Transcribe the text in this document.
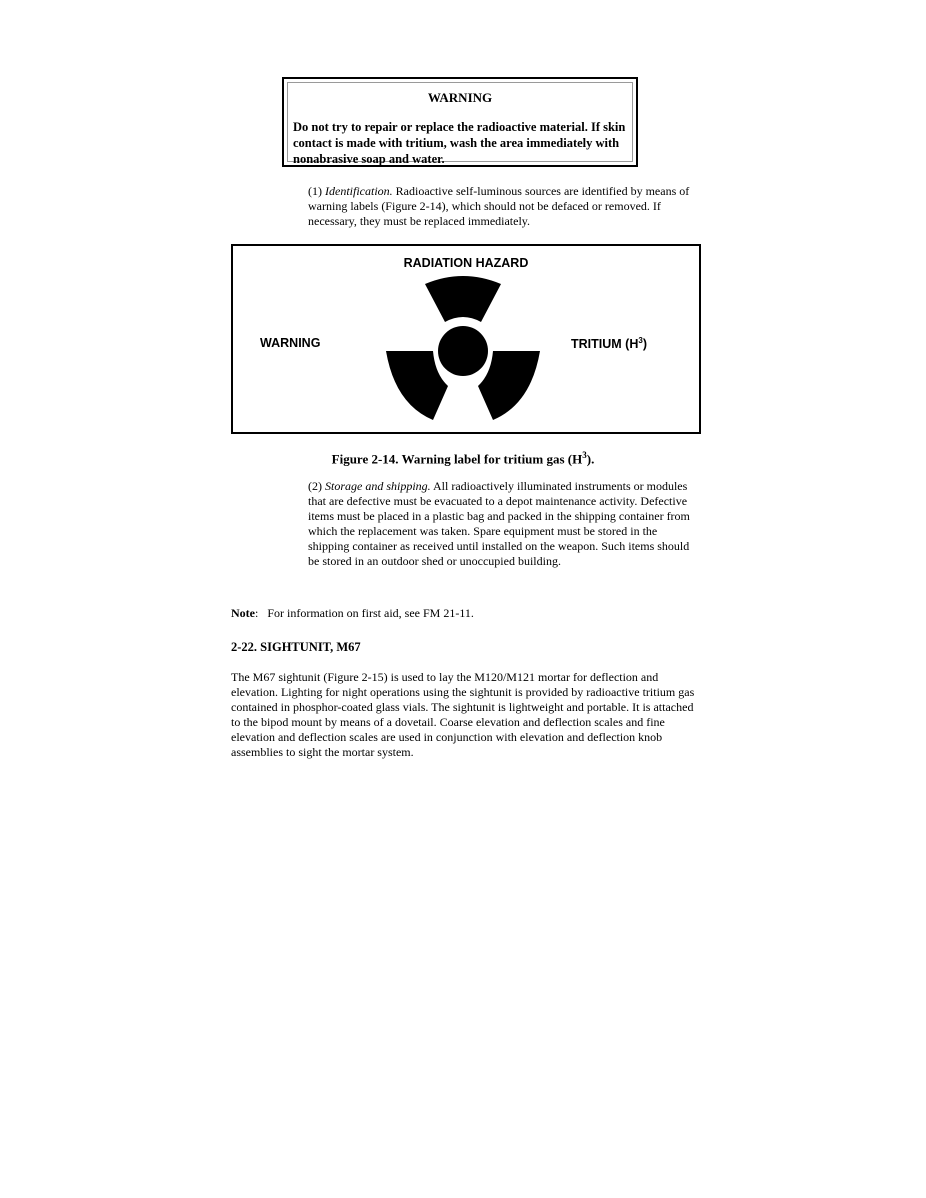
WARNING
Do not try to repair or replace the radioactive material. If skin contact is made with tritium, wash the area immediately with nonabrasive soap and water.
(1) Identification. Radioactive self-luminous sources are identified by means of warning labels (Figure 2-14), which should not be defaced or removed. If necessary, they must be replaced immediately.
RADIATION HAZARD
WARNING	TRITIUM $(H^3)$
Figure 2-14. Warning label for tritium gas $(H^3)$.
(2) Storage and shipping. All radioactively illuminated instruments or modules that are defective must be evacuated to a depot maintenance activity. Defective items must be placed in a plastic bag and packed in the shipping container from which the replacement was taken. Spare equipment must be stored in the shipping container as received until installed on the weapon. Such items should be stored in an outdoor shed or unoccupied building.
Note:   For information on first aid, see FM 21-11.
2-22. SIGHTUNIT, M67
The M67 sightunit (Figure 2-15) is used to lay the M120/M121 mortar for deflection and elevation. Lighting for night operations using the sightunit is provided by radioactive tritium gas contained in phosphor-coated glass vials. The sightunit is lightweight and portable. It is attached to the bipod mount by means of a dovetail. Coarse elevation and deflection scales and fine elevation and deflection scales are used in conjunction with elevation and deflection knob assemblies to sight the mortar system.
